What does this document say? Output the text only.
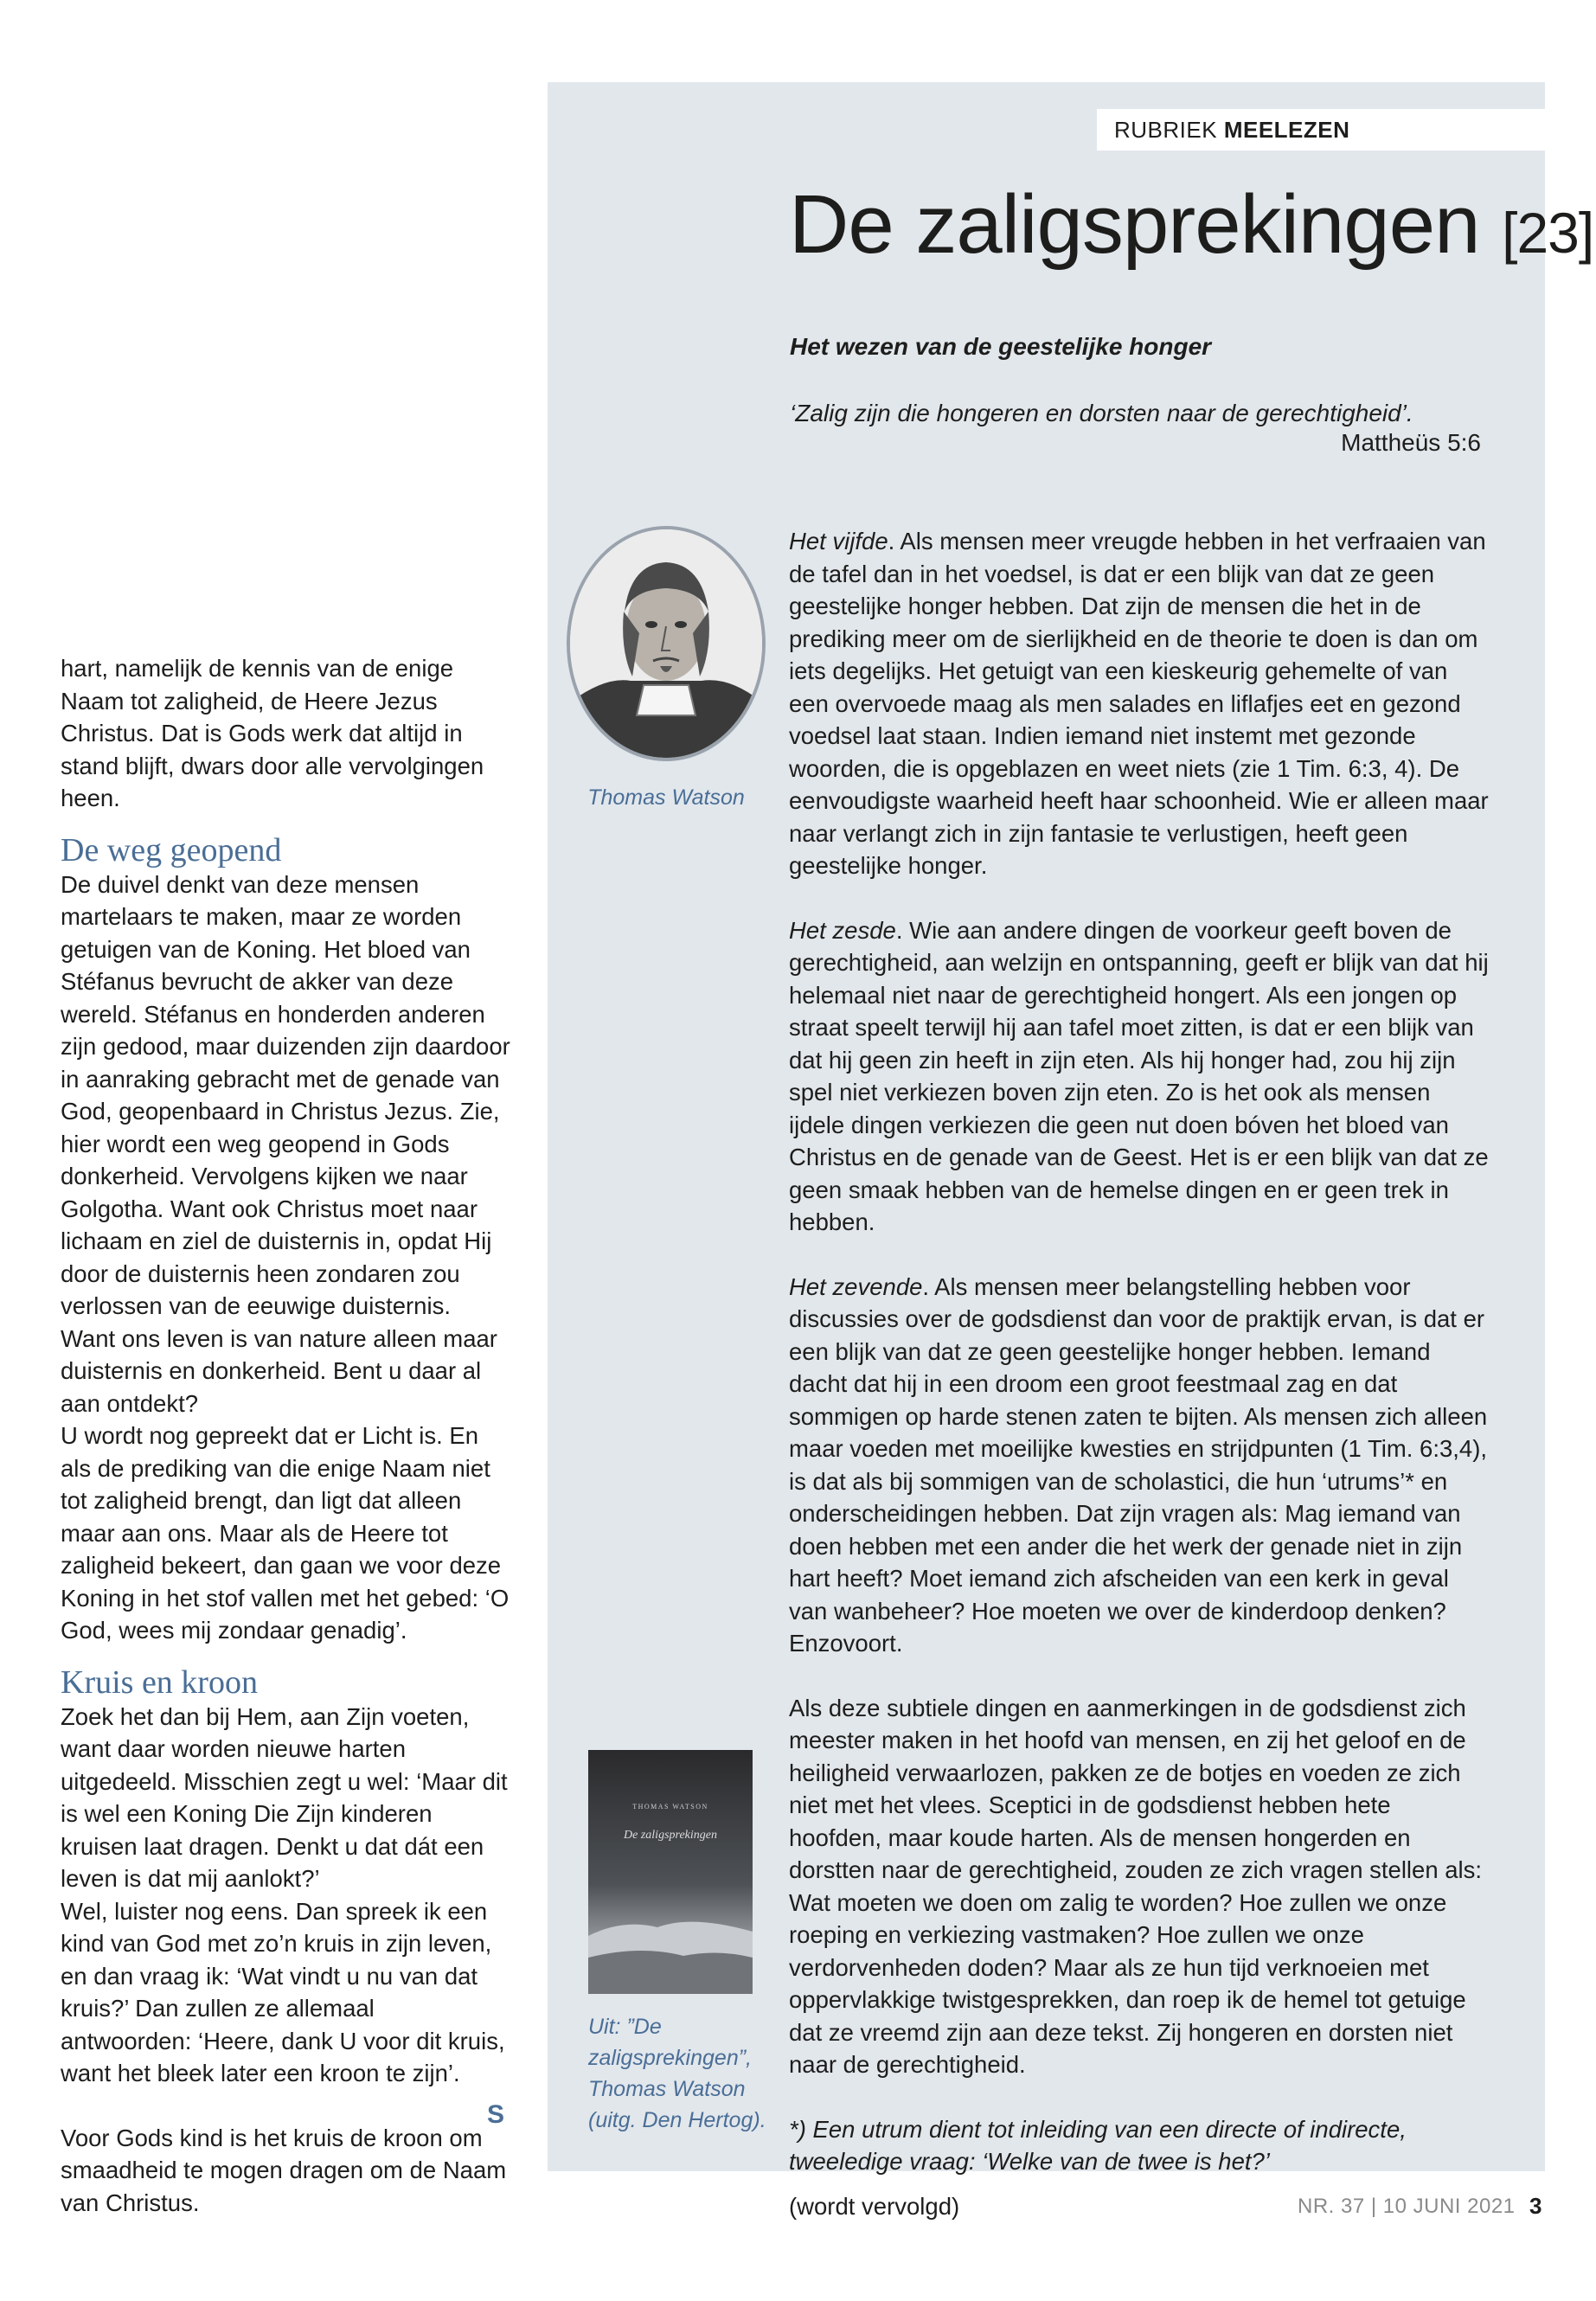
RUBRIEK MEELEZEN
De zaligsprekingen [23]
Het wezen van de geestelijke honger
‘Zalig zijn die hongeren en dorsten naar de gerechtigheid’.
Mattheüs 5:6

hart, namelijk de kennis van de enige Naam tot zaligheid, de Heere Jezus Christus. Dat is Gods werk dat altijd in stand blijft, dwars door alle vervolgingen heen.

De weg geopend

De duivel denkt van deze mensen martelaars te maken, maar ze worden getuigen van de Koning. Het bloed van Stéfanus bevrucht de akker van deze wereld. Stéfanus en honderden anderen zijn gedood, maar duizenden zijn daardoor in aanraking gebracht met de genade van God, geopenbaard in Christus Jezus. Zie, hier wordt een weg geopend in Gods donkerheid. Vervolgens kijken we naar Golgotha. Want ook Christus moet naar lichaam en ziel de duisternis in, opdat Hij door de duisternis heen zondaren zou verlossen van de eeuwige duisternis. Want ons leven is van nature alleen maar duisternis en donkerheid. Bent u daar al aan ontdekt?

U wordt nog gepreekt dat er Licht is. En als de prediking van die enige Naam niet tot zaligheid brengt, dan ligt dat alleen maar aan ons. Maar als de Heere tot zaligheid bekeert, dan gaan we voor deze Koning in het stof vallen met het gebed: ‘O God, wees mij zondaar genadig’.

Kruis en kroon

Zoek het dan bij Hem, aan Zijn voeten, want daar worden nieuwe harten uitgedeeld. Misschien zegt u wel: ‘Maar dit is wel een Koning Die Zijn kinderen kruisen laat dragen. Denkt u dat dát een leven is dat mij aanlokt?’

Wel, luister nog eens. Dan spreek ik een kind van God met zo’n kruis in zijn leven, en dan vraag ik: ‘Wat vindt u nu van dat kruis?’ Dan zullen ze allemaal antwoorden: ‘Heere, dank U voor dit kruis, want het bleek later een kroon te zijn’.

Voor Gods kind is het kruis de kroon om smaadheid te mogen dragen om de Naam van Christus.

Thomas Watson

Het vijfde. Als mensen meer vreugde hebben in het verfraaien van de tafel dan in het voedsel, is dat er een blijk van dat ze geen geestelijke honger hebben. Dat zijn de mensen die het in de prediking meer om de sierlijkheid en de theorie te doen is dan om iets degelijks. Het getuigt van een kieskeurig gehemelte of van een overvoede maag als men salades en liflafjes eet en gezond voedsel laat staan. Indien iemand niet instemt met gezonde woorden, die is opgeblazen en weet niets (zie 1 Tim. 6:3, 4). De eenvoudigste waarheid heeft haar schoonheid. Wie er alleen maar naar verlangt zich in zijn fantasie te verlustigen, heeft geen geestelijke honger.

Het zesde. Wie aan andere dingen de voorkeur geeft boven de gerechtigheid, aan welzijn en ontspanning, geeft er blijk van dat hij helemaal niet naar de gerechtigheid hongert. Als een jongen op straat speelt terwijl hij aan tafel moet zitten, is dat er een blijk van dat hij geen zin heeft in zijn eten. Als hij honger had, zou hij zijn spel niet verkiezen boven zijn eten. Zo is het ook als mensen ijdele dingen verkiezen die geen nut doen bóven het bloed van Christus en de genade van de Geest. Het is er een blijk van dat ze geen smaak hebben van de hemelse dingen en er geen trek in hebben.

Het zevende. Als mensen meer belangstelling hebben voor discussies over de godsdienst dan voor de praktijk ervan, is dat er een blijk van dat ze geen geestelijke honger hebben. Iemand dacht dat hij in een droom een groot feestmaal zag en dat sommigen op harde stenen zaten te bijten. Als mensen zich alleen maar voeden met moeilijke kwesties en strijdpunten (1 Tim. 6:3,4), is dat als bij sommigen van de scholastici, die hun ‘utrums’* en onderscheidingen hebben. Dat zijn vragen als: Mag iemand van doen hebben met een ander die het werk der genade niet in zijn hart heeft? Moet iemand zich afscheiden van een kerk in geval van wanbeheer? Hoe moeten we over de kinderdoop denken? Enzovoort.

Als deze subtiele dingen en aanmerkingen in de godsdienst zich meester maken in het hoofd van mensen, en zij het geloof en de heiligheid verwaarlozen, pakken ze de botjes en voeden ze zich niet met het vlees. Sceptici in de godsdienst hebben hete hoofden, maar koude harten. Als de mensen hongerden en dorstten naar de gerechtigheid, zouden ze zich vragen stellen als: Wat moeten we doen om zalig te worden? Hoe zullen we onze roeping en verkiezing vastmaken? Hoe zullen we onze verdorvenheden doden? Maar als ze hun tijd verknoeien met oppervlakkige twistgesprekken, dan roep ik de hemel tot getuige dat ze vreemd zijn aan deze tekst. Zij hongeren en dorsten niet naar de gerechtigheid.

*) Een utrum dient tot inleiding van een directe of indirecte, tweeledige vraag: ‘Welke van de twee is het?’

(wordt vervolgd)

THOMAS WATSON
De zaligsprekingen
Uit: ”De zaligsprekingen”, Thomas Watson (uitg. Den Hertog).
S
NR. 37 | 10 JUNI 2021 3
